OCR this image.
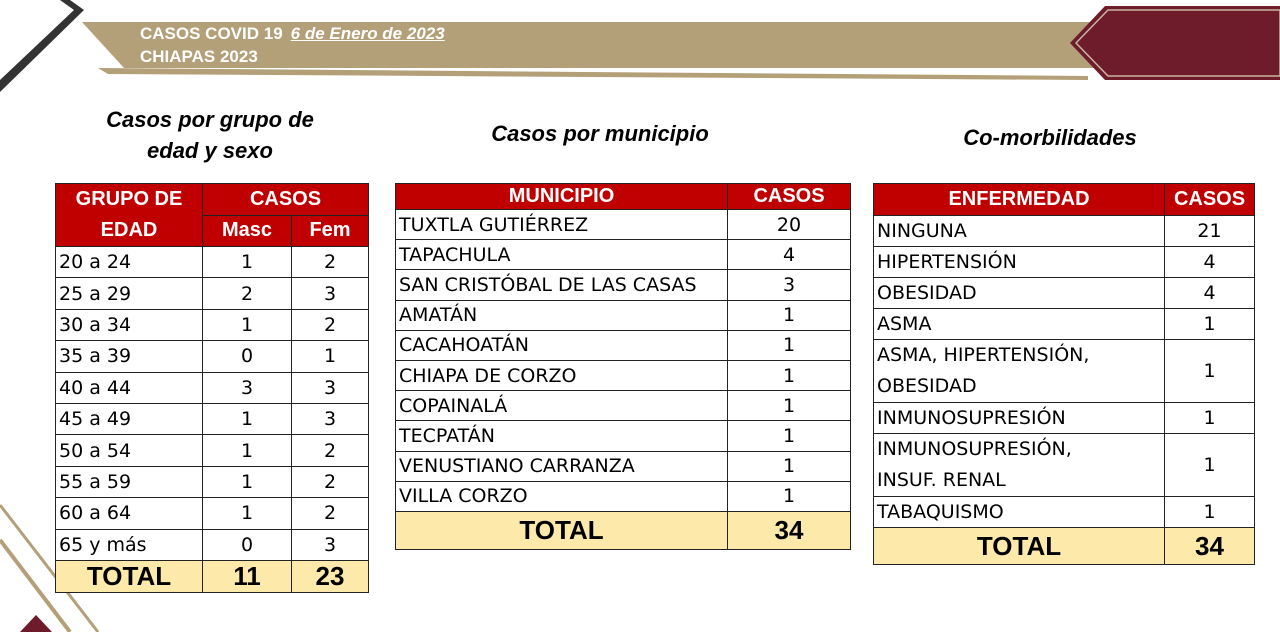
CASOS COVID 19 6 de Enero de 2023
CHIAPAS 2023
Casos por grupo de
edad y sexo
Casos por municipio	Co-morbilidades
GRUPO DE
EDAD	CASOS	
	Masc	Fem
20 a 24	1	2
25 a 29	2	3
30 a 34	1	2
35 a 39	0	1
40 a 44	3	3
45 a 49	1	3
50 a 54	1	2
55 a 59	1	2
60 a 64	1	2
65 y más	0	3
TOTAL	11	23
MUNICIPIO	CASOS
TUXTLA GUTIÉRREZ	20
TAPACHULA	4
SAN CRISTÓBAL DE LAS CASAS	3
AMATÁN	1
CACAHOATÁN	1
CHIAPA DE CORZO	1
COPAINALÁ	1
TECPATÁN	1
VENUSTIANO CARRANZA	1
VILLA CORZO	1
TOTAL	34
ENFERMEDAD	CASOS
NINGUNA	21
HIPERTENSIÓN	4
OBESIDAD	4
ASMA	1

ASMA, HIPERTENSIÓN,
OBESIDAD	1
INMUNOSUPRESIÓN	1

INMUNOSUPRESIÓN,
INSUF. RENAL	1
TABAQUISMO	1
TOTAL	34
